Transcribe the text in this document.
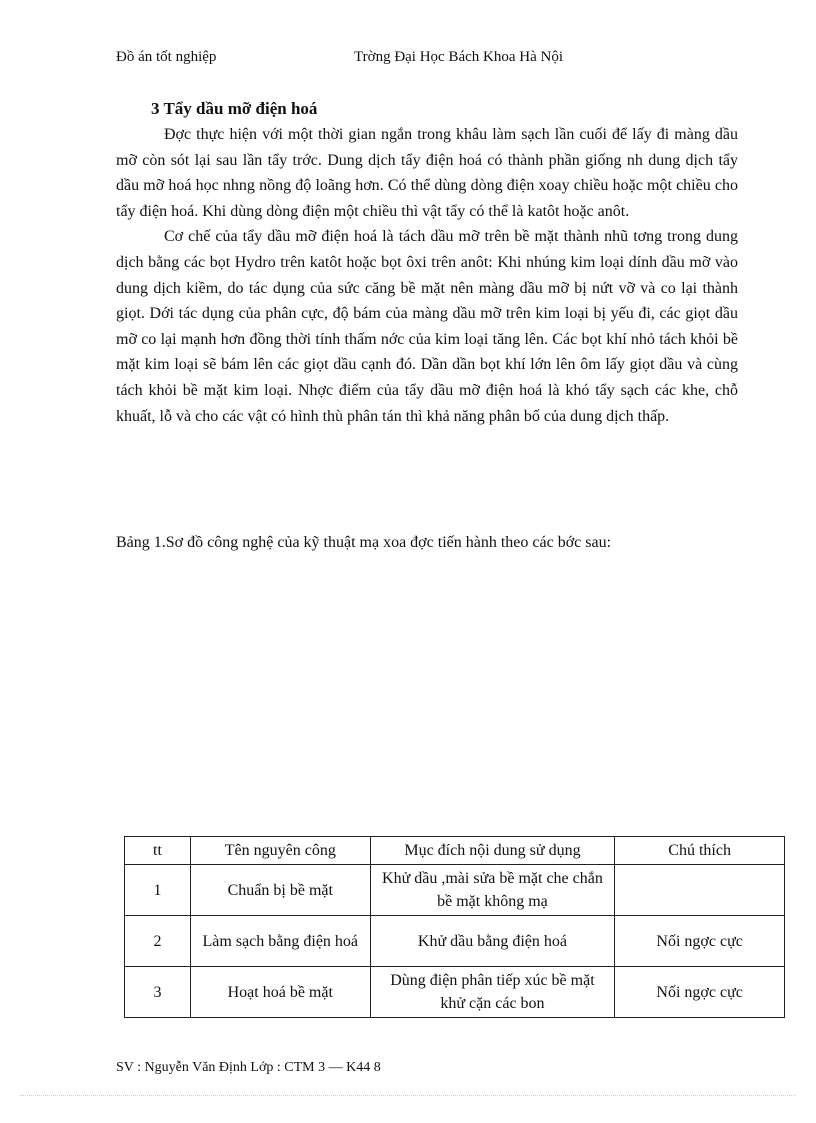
Đồ án tốt nghiệp	Trờng Đại Học Bách Khoa Hà Nội
3 Tẩy dầu mỡ điện hoá

Đợc thực hiện với một thời gian ngắn trong khâu làm sạch lần cuối để lấy đi màng dầu mỡ còn sót lại sau lần tẩy trớc. Dung dịch tẩy điện hoá có thành phần giống nh dung dịch tẩy dầu mỡ hoá học nhng nồng độ loãng hơn. Có thể dùng dòng điện xoay chiều hoặc một chiều cho tẩy điện hoá. Khi dùng dòng điện một chiều thì vật tẩy có thể là katôt hoặc anôt.

Cơ chế của tẩy dầu mỡ điện hoá là tách dầu mỡ trên bề mặt thành nhũ tơng trong dung dịch bằng các bọt Hydro trên katôt hoặc bọt ôxi trên anôt: Khi nhúng kim loại dính dầu mỡ vào dung dịch kiềm, do tác dụng của sức căng bề mặt nên màng dầu mỡ bị nứt vỡ và co lại thành giọt. Dới tác dụng của phân cực, độ bám của màng dầu mỡ trên kim loại bị yếu đi, các giọt dầu mỡ co lại mạnh hơn đồng thời tính thấm nớc của kim loại tăng lên. Các bọt khí nhỏ tách khỏi bề mặt kim loại sẽ bám lên các giọt dầu cạnh đó. Dần dần bọt khí lớn lên ôm lấy giọt dầu và cùng tách khỏi bề mặt kim loại. Nhợc điểm của tẩy dầu mỡ điện hoá là khó tẩy sạch các khe, chỗ khuất, lỗ và cho các vật có hình thù phân tán thì khả năng phân bố của dung dịch thấp.

Bảng 1.Sơ đồ công nghệ của kỹ thuật mạ xoa đợc tiến hành theo các bớc sau:
tt	Tên nguyên công	Mục đích nội dung sử dụng	Chú thích
1	Chuẩn bị bề mặt	Khử dầu ,mài sửa bề mặt che chắn bề mặt không mạ	
2	Làm sạch bằng điện hoá	Khử dầu bằng điện hoá	Nối ngợc cực
3	Hoạt hoá bề mặt	Dùng điện phân tiếp xúc bề mặt khử cặn các bon	Nối ngợc cực
SV : Nguyễn Văn Định Lớp : CTM 3 — K44 8
